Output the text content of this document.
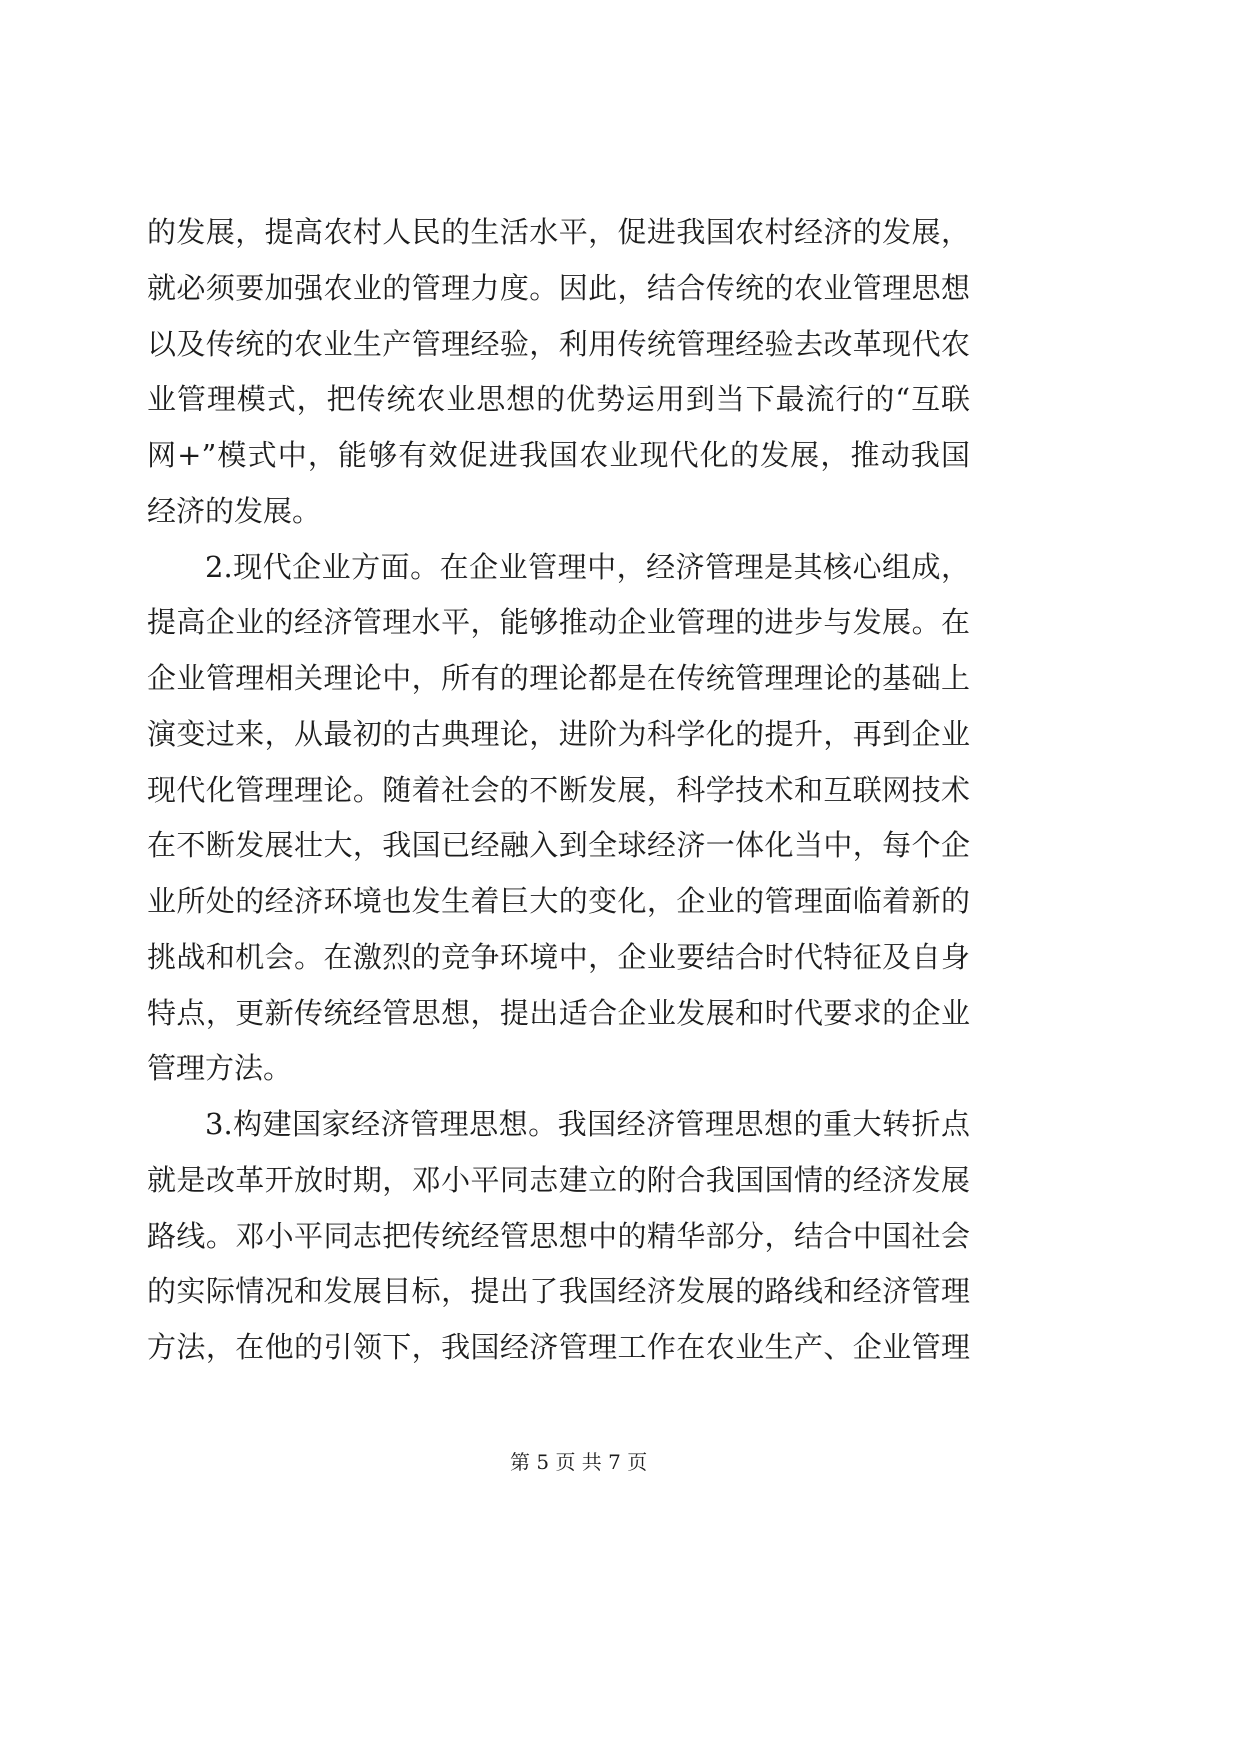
的发展，提高农村人民的生活水平，促进我国农村经济的发展，
就必须要加强农业的管理力度。因此，结合传统的农业管理思想
以及传统的农业生产管理经验，利用传统管理经验去改革现代农
业管理模式，把传统农业思想的优势运用到当下最流行的“互联
网+”模式中，能够有效促进我国农业现代化的发展，推动我国
经济的发展。
2.现代企业方面。在企业管理中，经济管理是其核心组成，
提高企业的经济管理水平，能够推动企业管理的进步与发展。在
企业管理相关理论中，所有的理论都是在传统管理理论的基础上
演变过来，从最初的古典理论，进阶为科学化的提升，再到企业
现代化管理理论。随着社会的不断发展，科学技术和互联网技术
在不断发展壮大，我国已经融入到全球经济一体化当中，每个企
业所处的经济环境也发生着巨大的变化，企业的管理面临着新的
挑战和机会。在激烈的竞争环境中，企业要结合时代特征及自身
特点，更新传统经管思想，提出适合企业发展和时代要求的企业
管理方法。
3.构建国家经济管理思想。我国经济管理思想的重大转折点
就是改革开放时期，邓小平同志建立的附合我国国情的经济发展
路线。邓小平同志把传统经管思想中的精华部分，结合中国社会
的实际情况和发展目标，提出了我国经济发展的路线和经济管理
方法，在他的引领下，我国经济管理工作在农业生产、企业管理
第 5 页 共 7 页
